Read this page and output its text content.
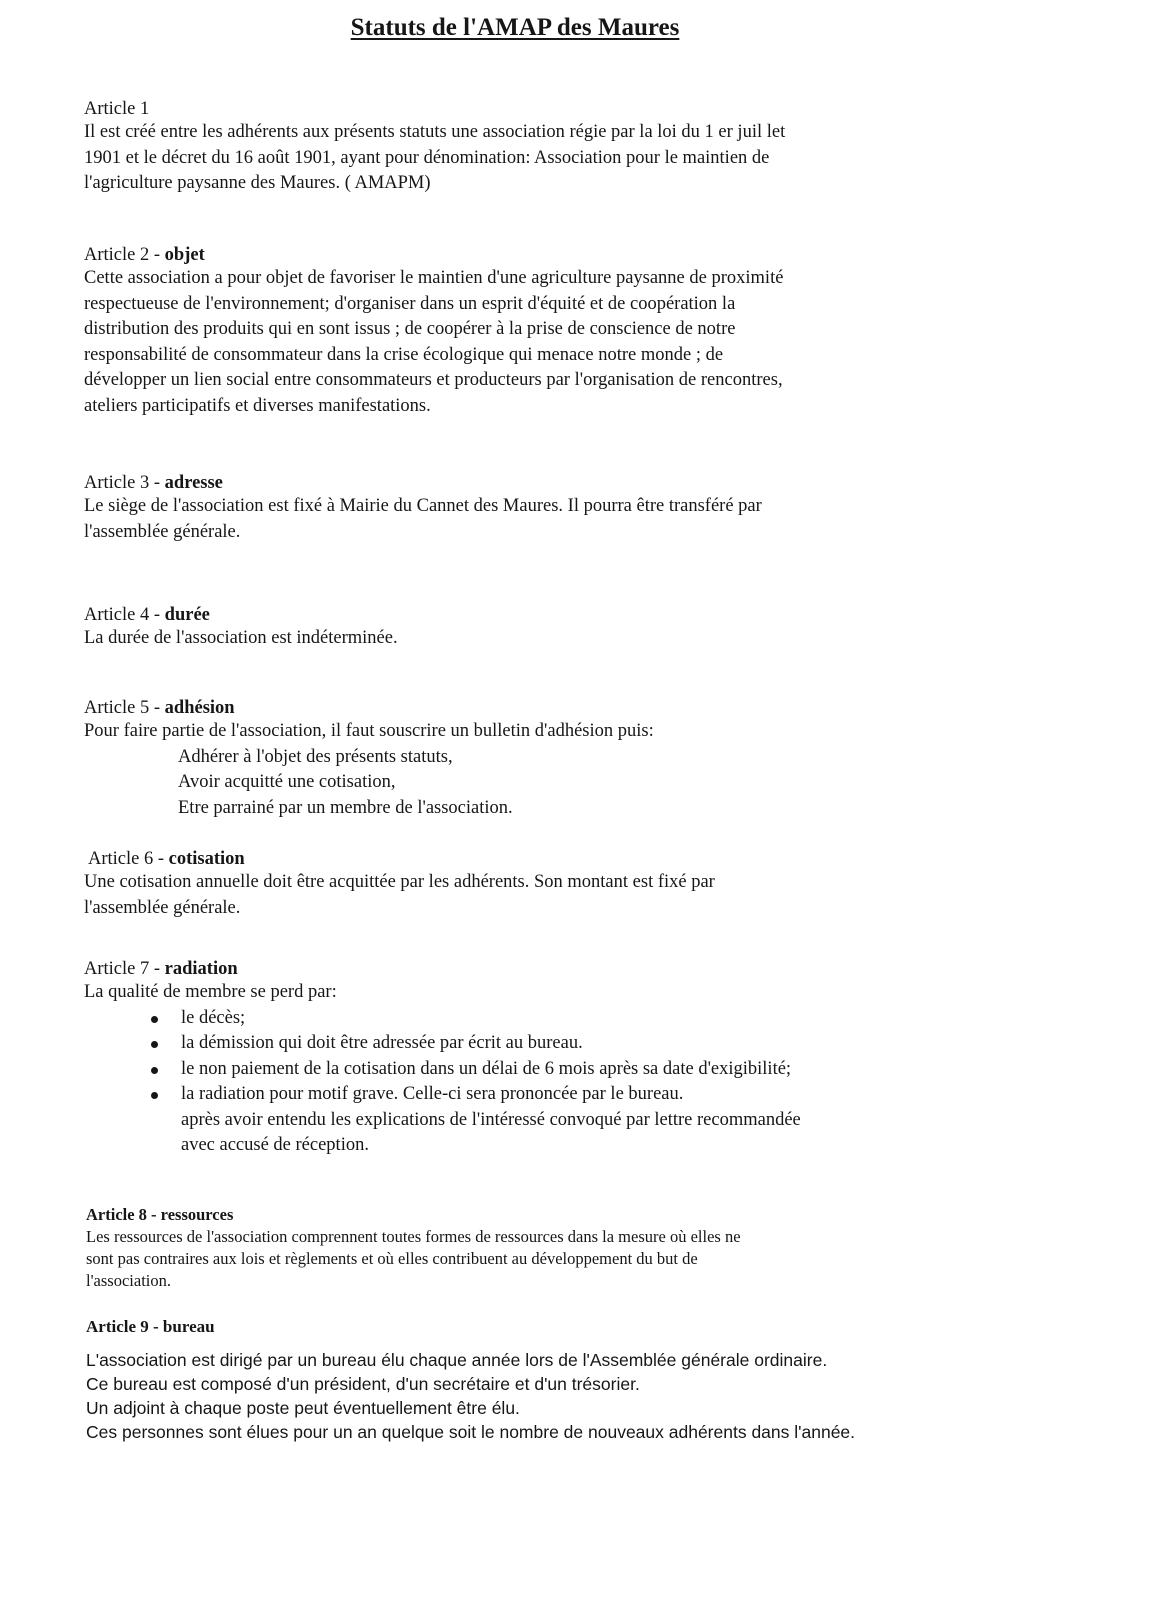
Statuts de l'AMAP des Maures
Article 1
Il est créé entre les adhérents aux présents statuts une association régie par la loi du 1 er juil let
1901 et le décret du 16 août 1901, ayant pour dénomination: Association pour le maintien de
l'agriculture paysanne des Maures. ( AMAPM)
Article 2 - objet
Cette association a pour objet de favoriser le maintien d'une agriculture paysanne de proximité
respectueuse de l'environnement; d'organiser dans un esprit d'équité et de coopération la
distribution des produits qui en sont issus ; de coopérer à la prise de conscience de notre
responsabilité de consommateur dans la crise écologique qui menace notre monde ; de
développer un lien social entre consommateurs et producteurs par l'organisation de rencontres,
ateliers participatifs et diverses manifestations.
Article 3 - adresse
Le siège de l'association est fixé à Mairie du Cannet des Maures. Il pourra être transféré par
l'assemblée générale.
Article 4 - durée
La durée de l'association est indéterminée.
Article 5 - adhésion
Pour faire partie de l'association, il faut souscrire un bulletin d'adhésion puis:
Adhérer à l'objet des présents statuts,
Avoir acquitté une cotisation,
Etre parrainé par un membre de l'association.
Article 6 - cotisation
Une cotisation annuelle doit être acquittée par les adhérents. Son montant est fixé par
l'assemblée générale.
Article 7 - radiation
La qualité de membre se perd par:
le décès;
la démission qui doit être adressée par écrit au bureau.
le non paiement de la cotisation dans un délai de 6 mois après sa date d'exigibilité;
la radiation pour motif grave. Celle-ci sera prononcée par le bureau.
après avoir entendu les explications de l'intéressé convoqué par lettre recommandée
avec accusé de réception.
Article 8 - ressources
Les ressources de l'association comprennent toutes formes de ressources dans la mesure où elles ne
sont pas contraires aux lois et règlements et où elles contribuent au développement du but de
l'association.
Article 9 - bureau
L'association est dirigé par un bureau élu chaque année lors de l'Assemblée générale ordinaire.
Ce bureau est composé d'un président, d'un secrétaire et d'un trésorier.
Un adjoint à chaque poste peut éventuellement être élu.
Ces personnes sont élues pour un an quelque soit le nombre de nouveaux adhérents dans l'année.
